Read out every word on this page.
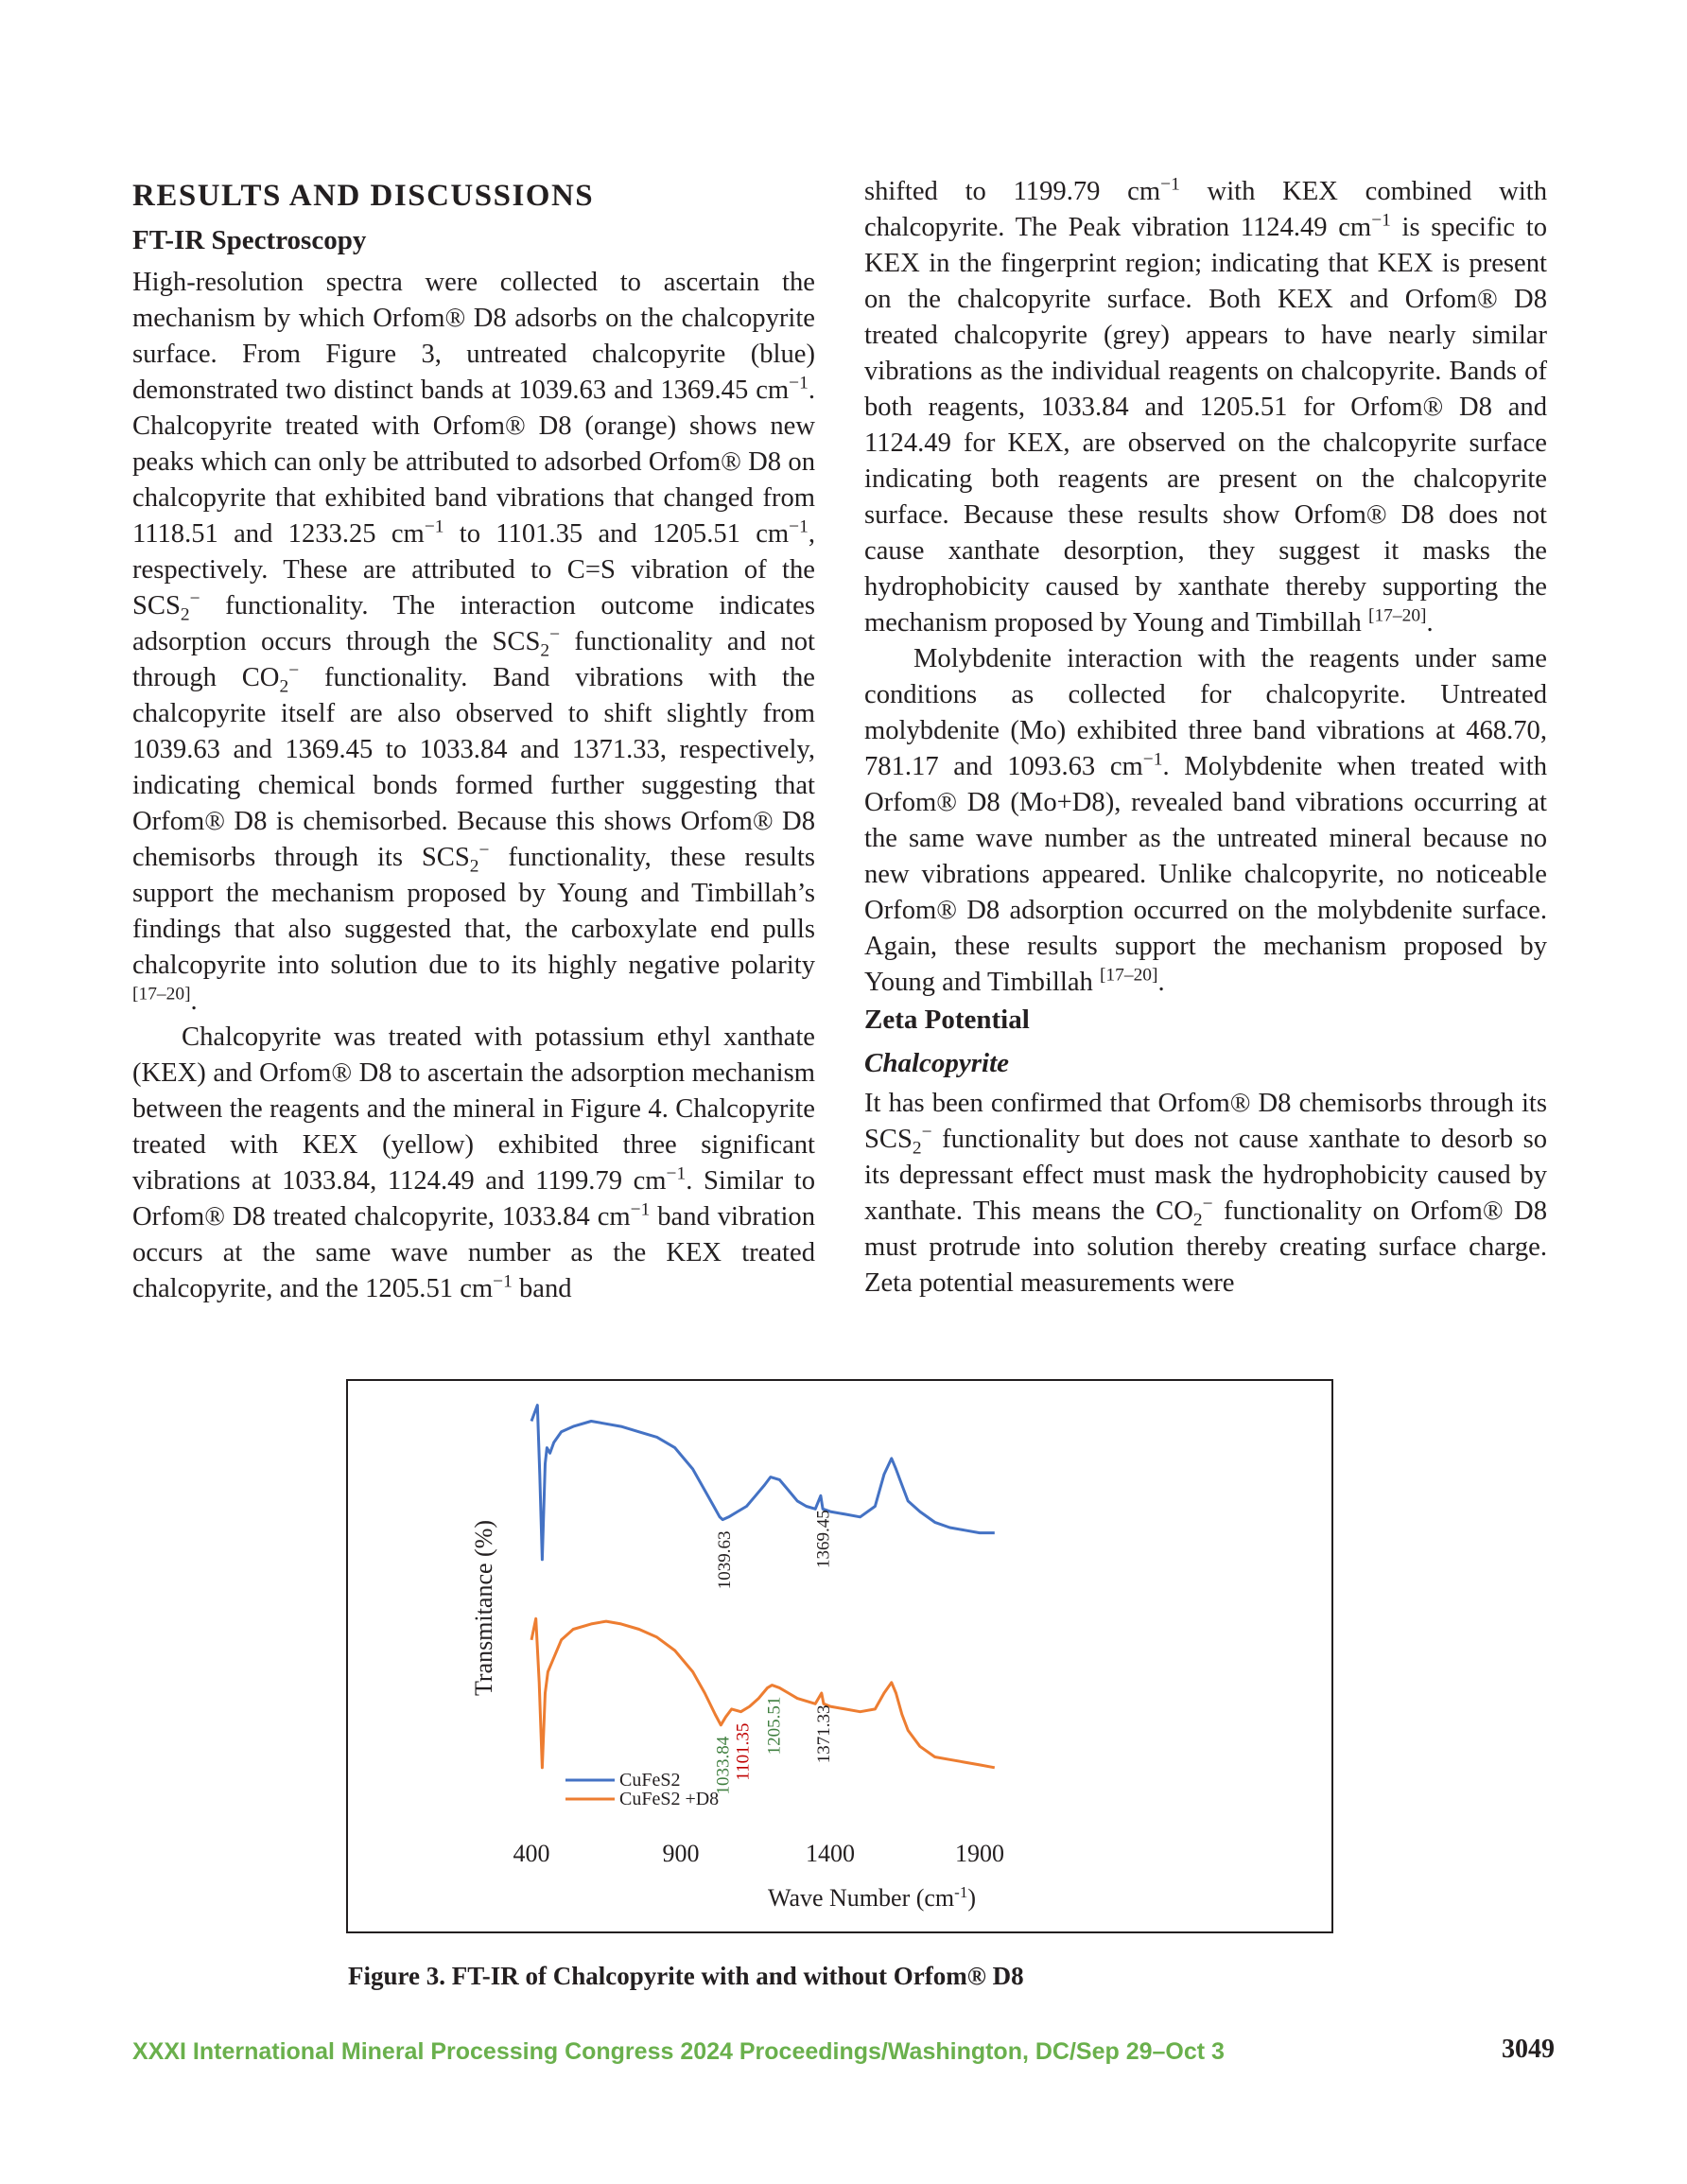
RESULTS AND DISCUSSIONS
FT-IR Spectroscopy

High-resolution spectra were collected to ascertain the mechanism by which Orfom® D8 adsorbs on the chalcopyrite surface. From Figure 3, untreated chalcopyrite (blue) demonstrated two distinct bands at 1039.63 and 1369.45 $cm^{-1}$. Chalcopyrite treated with Orfom® D8 (orange) shows new peaks which can only be attributed to adsorbed Orfom® D8 on chalcopyrite that exhibited band vibrations that changed from 1118.51 and 1233.25 $cm^{-1}$ to 1101.35 and 1205.51 $cm^{-1}$, respectively. These are attributed to C=S vibration of the $SCS_2^-$ functionality. The interaction outcome indicates adsorption occurs through the $SCS_2^-$ functionality and not through $CO_2^-$ functionality. Band vibrations with the chalcopyrite itself are also observed to shift slightly from 1039.63 and 1369.45 to 1033.84 and 1371.33, respectively, indicating chemical bonds formed further suggesting that Orfom® D8 is chemisorbed. Because this shows Orfom® D8 chemisorbs through its $SCS_2^-$ functionality, these results support the mechanism proposed by Young and Timbillah’s findings that also suggested that, the carboxylate end pulls chalcopyrite into solution due to its highly negative polarity [17–20].

Chalcopyrite was treated with potassium ethyl xanthate (KEX) and Orfom® D8 to ascertain the adsorption mechanism between the reagents and the mineral in Figure 4. Chalcopyrite treated with KEX (yellow) exhibited three significant vibrations at 1033.84, 1124.49 and 1199.79 $cm^{-1}$. Similar to Orfom® D8 treated chalcopyrite, 1033.84 $cm^{-1}$ band vibration occurs at the same wave number as the KEX treated chalcopyrite, and the 1205.51 $cm^{-1}$ band

shifted to 1199.79 $cm^{-1}$ with KEX combined with chalcopyrite. The Peak vibration 1124.49 $cm^{-1}$ is specific to KEX in the fingerprint region; indicating that KEX is present on the chalcopyrite surface. Both KEX and Orfom® D8 treated chalcopyrite (grey) appears to have nearly similar vibrations as the individual reagents on chalcopyrite. Bands of both reagents, 1033.84 and 1205.51 for Orfom® D8 and 1124.49 for KEX, are observed on the chalcopyrite surface indicating both reagents are present on the chalcopyrite surface. Because these results show Orfom® D8 does not cause xanthate desorption, they suggest it masks the hydrophobicity caused by xanthate thereby supporting the mechanism proposed by Young and Timbillah [17–20].

Molybdenite interaction with the reagents under same conditions as collected for chalcopyrite. Untreated molybdenite (Mo) exhibited three band vibrations at 468.70, 781.17 and 1093.63 $cm^{-1}$. Molybdenite when treated with Orfom® D8 (Mo+D8), revealed band vibrations occurring at the same wave number as the untreated mineral because no new vibrations appeared. Unlike chalcopyrite, no noticeable Orfom® D8 adsorption occurred on the molybdenite surface. Again, these results support the mechanism proposed by Young and Timbillah [17–20].

Zeta Potential
Chalcopyrite

It has been confirmed that Orfom® D8 chemisorbs through its $SCS_2^-$ functionality but does not cause xanthate to desorb so its depressant effect must mask the hydrophobicity caused by xanthate. This means the $CO_2^-$ functionality on Orfom® D8 must protrude into solution thereby creating surface charge. Zeta potential measurements were

1039.63	1369.45
1033.84 1101.35 1205.51 1371.33
400	900	1400	1900
Transmitance (%)
Wave Number $(cm^{-1})$
CuFeS2
CuFeS2 +D8
Figure 3. FT-IR of Chalcopyrite with and without Orfom® D8
XXXI International Mineral Processing Congress 2024 Proceedings/Washington, DC/Sep 29–Oct 3	3049
